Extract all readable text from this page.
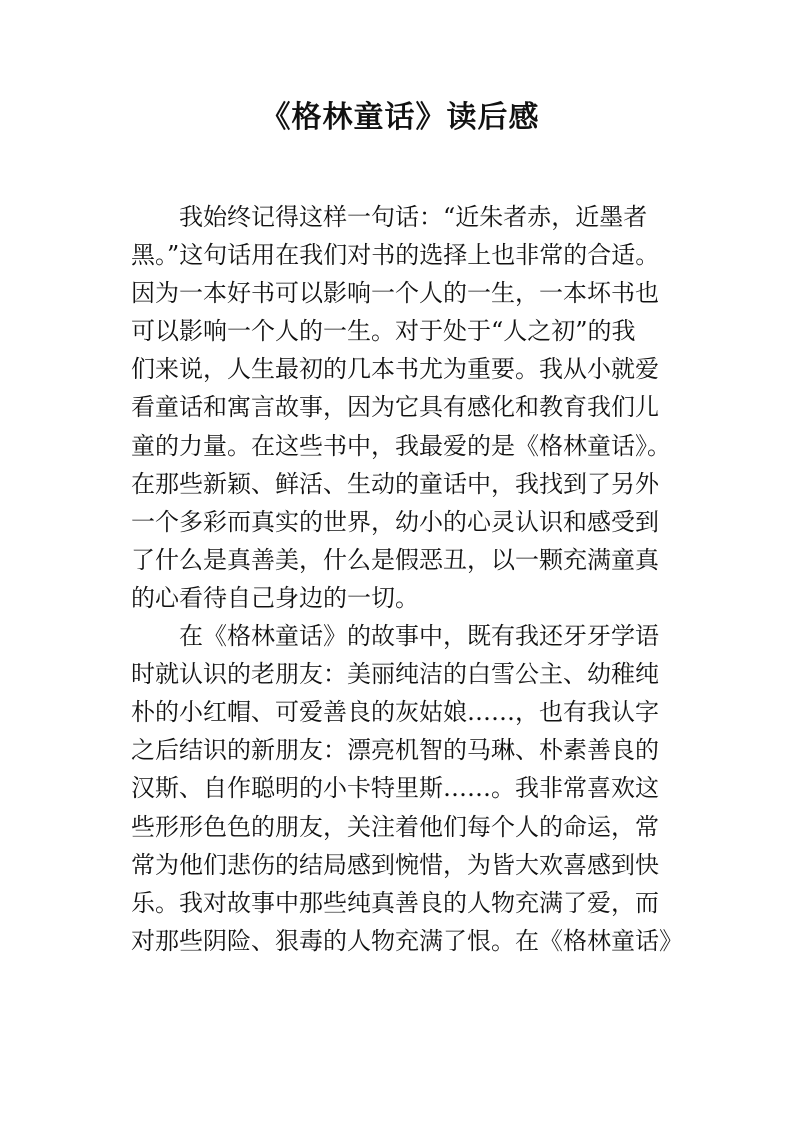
《格林童话》读后感
　　我始终记得这样一句话：“近朱者赤，近墨者
黑。”这句话用在我们对书的选择上也非常的合适。
因为一本好书可以影响一个人的一生，一本坏书也
可以影响一个人的一生。对于处于“人之初”的我
们来说，人生最初的几本书尤为重要。我从小就爱
看童话和寓言故事，因为它具有感化和教育我们儿
童的力量。在这些书中，我最爱的是《格林童话》。
在那些新颖、鲜活、生动的童话中，我找到了另外
一个多彩而真实的世界，幼小的心灵认识和感受到
了什么是真善美，什么是假恶丑，以一颗充满童真
的心看待自己身边的一切。
　　在《格林童话》的故事中，既有我还牙牙学语
时就认识的老朋友：美丽纯洁的白雪公主、幼稚纯
朴的小红帽、可爱善良的灰姑娘……，也有我认字
之后结识的新朋友：漂亮机智的马琳、朴素善良的
汉斯、自作聪明的小卡特里斯……。我非常喜欢这
些形形色色的朋友，关注着他们每个人的命运，常
常为他们悲伤的结局感到惋惜，为皆大欢喜感到快
乐。我对故事中那些纯真善良的人物充满了爱，而
对那些阴险、狠毒的人物充满了恨。在《格林童话》
